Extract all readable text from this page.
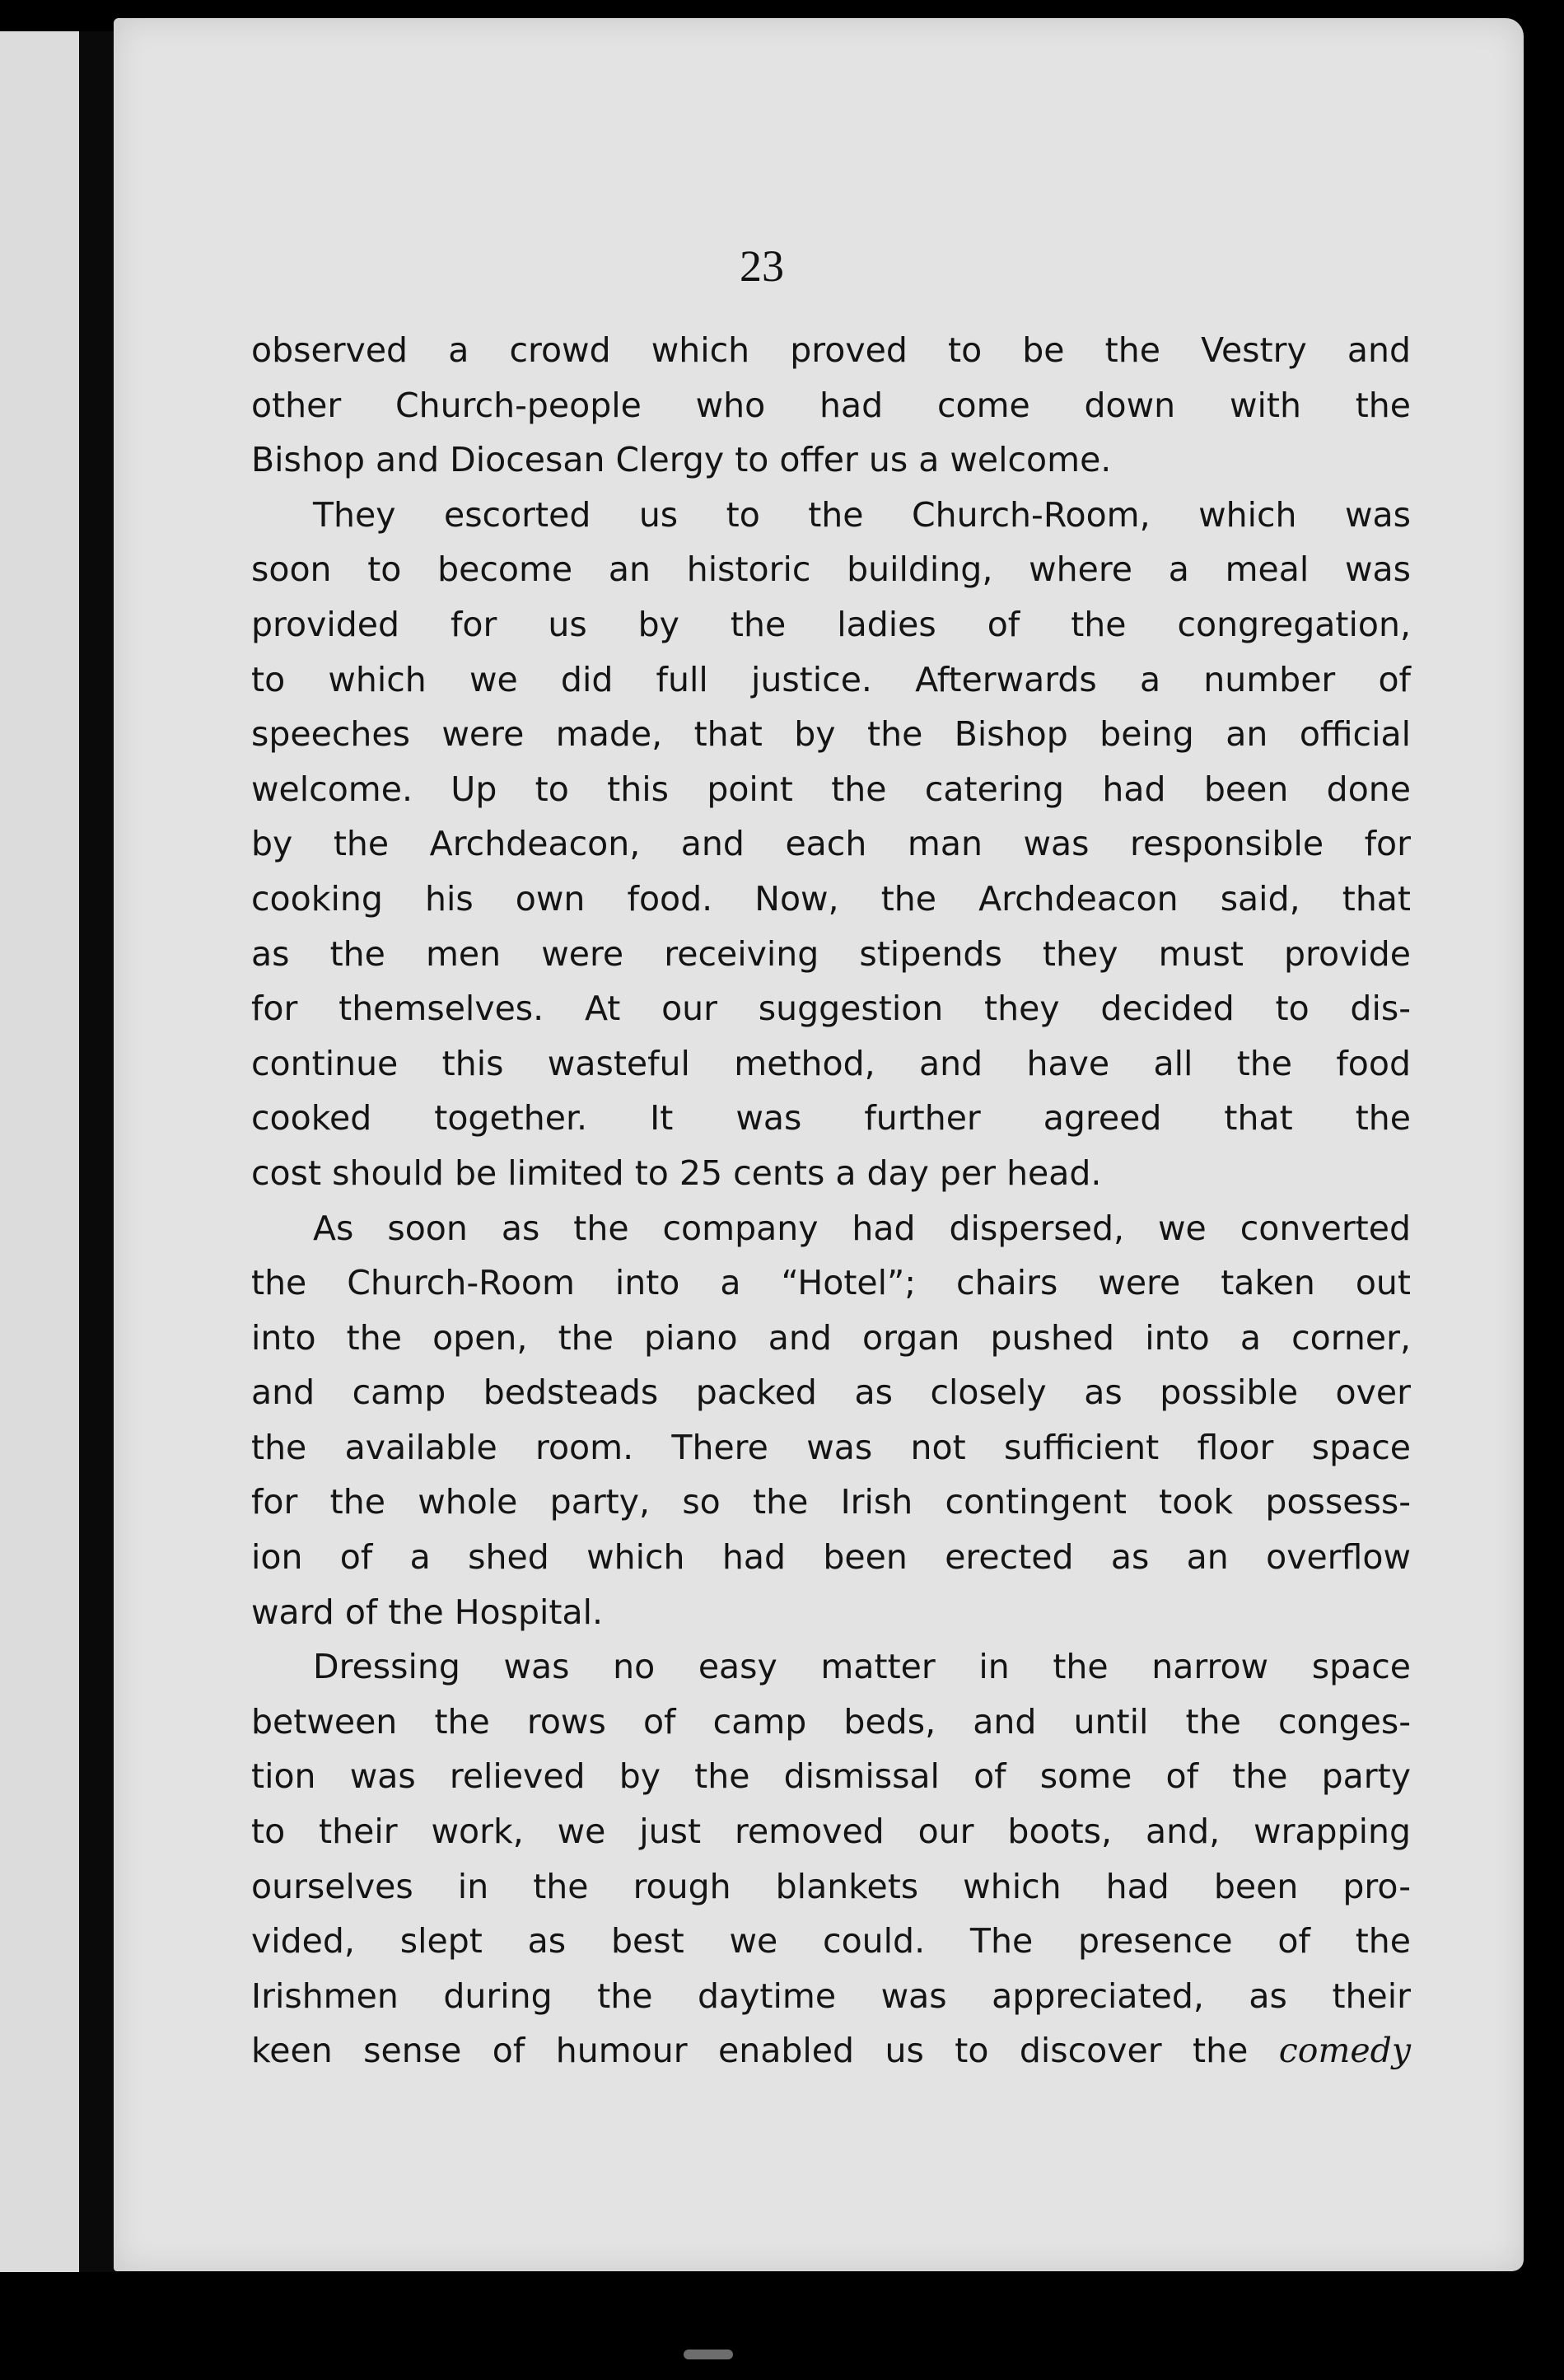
23
observed a crowd which proved to be the Vestry and
other Church-people who had come down with the
Bishop and Diocesan Clergy to offer us a welcome.
They escorted us to the Church-Room, which was
soon to become an historic building, where a meal was
provided for us by the ladies of the congregation,
to which we did full justice. Afterwards a number of
speeches were made, that by the Bishop being an official
welcome. Up to this point the catering had been done
by the Archdeacon, and each man was responsible for
cooking his own food. Now, the Archdeacon said, that
as the men were receiving stipends they must provide
for themselves. At our suggestion they decided to dis-
continue this wasteful method, and have all the food
cooked together. It was further agreed that the
cost should be limited to 25 cents a day per head.
As soon as the company had dispersed, we converted
the Church-Room into a “Hotel”; chairs were taken out
into the open, the piano and organ pushed into a corner,
and camp bedsteads packed as closely as possible over
the available room. There was not sufficient floor space
for the whole party, so the Irish contingent took possess-
ion of a shed which had been erected as an overflow
ward of the Hospital.
Dressing was no easy matter in the narrow space
between the rows of camp beds, and until the conges-
tion was relieved by the dismissal of some of the party
to their work, we just removed our boots, and, wrapping
ourselves in the rough blankets which had been pro-
vided, slept as best we could. The presence of the
Irishmen during the daytime was appreciated, as their
keen sense of humour enabled us to discover the comedy
